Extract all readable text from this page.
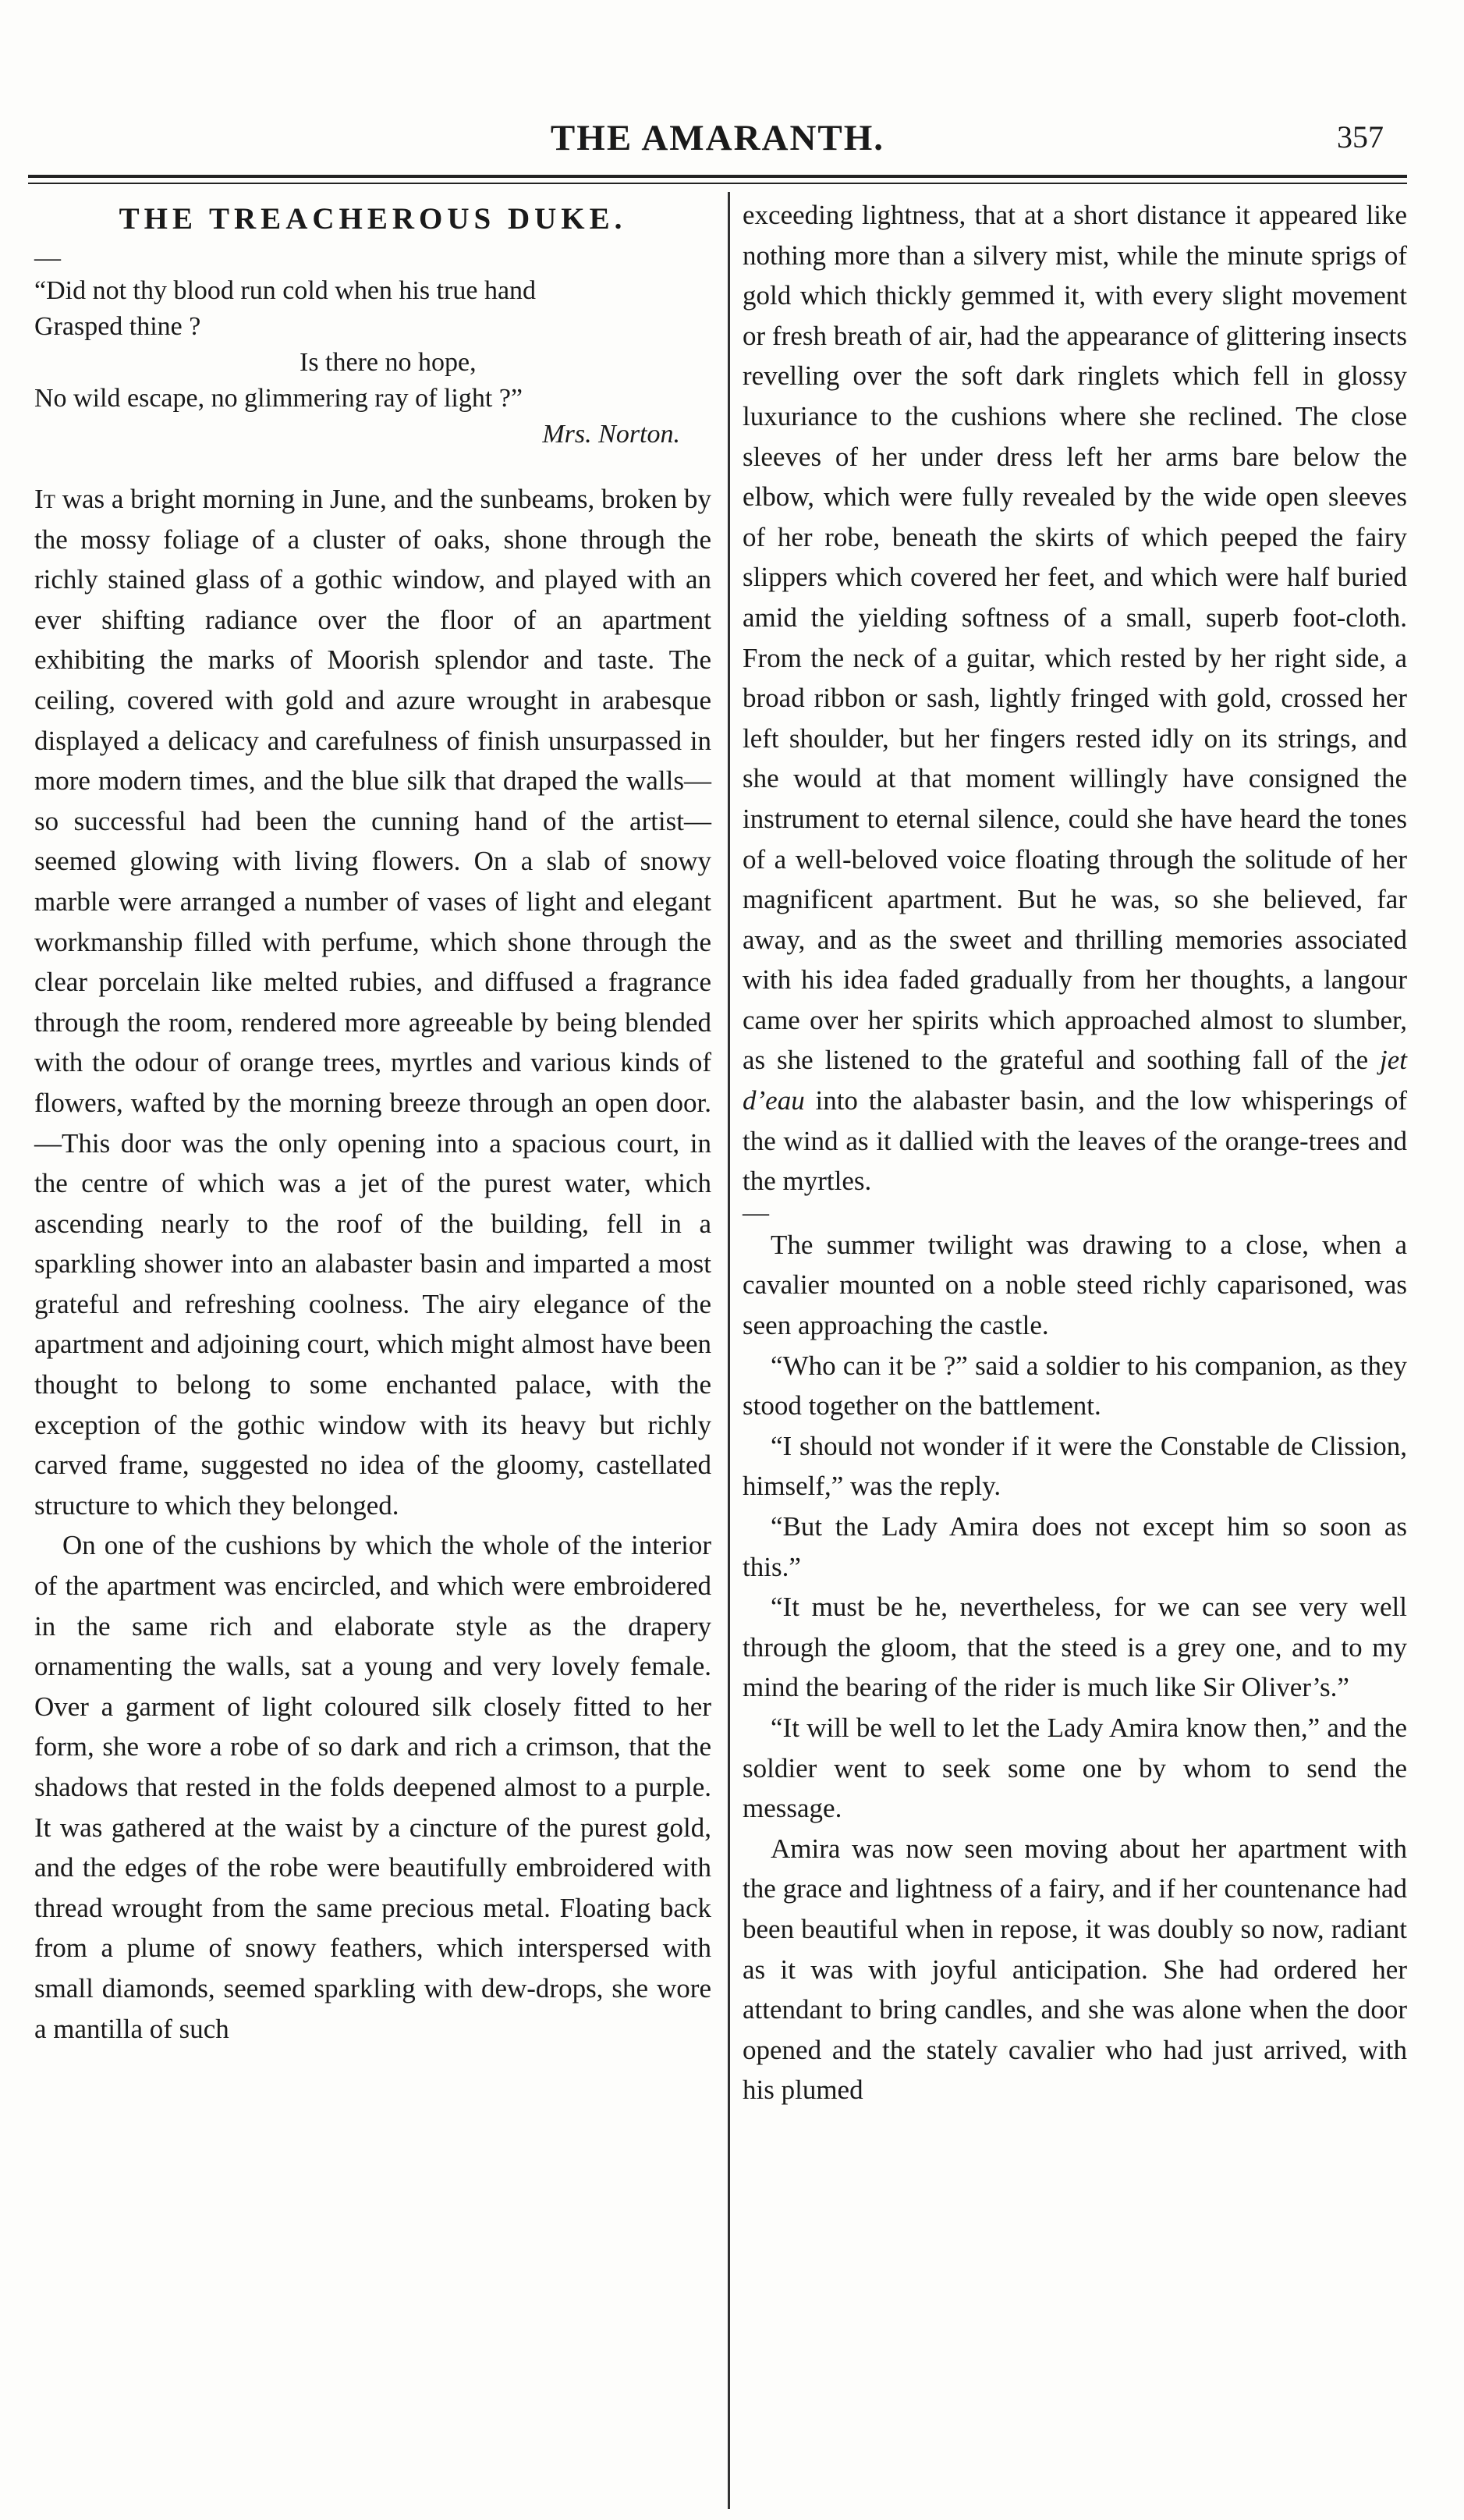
THE AMARANTH.	357
THE TREACHEROUS DUKE.

—

“Did not thy blood run cold when his true hand
Grasped thine ?
Is there no hope,
No wild escape, no glimmering ray of light ?”
Mrs. Norton.

It was a bright morning in June, and the sunbeams, broken by the mossy foliage of a cluster of oaks, shone through the richly stained glass of a gothic window, and played with an ever shifting radiance over the floor of an apartment exhibiting the marks of Moorish splendor and taste. The ceiling, covered with gold and azure wrought in arabesque displayed a delicacy and carefulness of finish unsurpassed in more modern times, and the blue silk that draped the walls—so successful had been the cunning hand of the artist—seemed glowing with living flowers. On a slab of snowy marble were arranged a number of vases of light and elegant workmanship filled with perfume, which shone through the clear porcelain like melted rubies, and diffused a fragrance through the room, rendered more agreeable by being blended with the odour of orange trees, myrtles and various kinds of flowers, wafted by the morning breeze through an open door.—This door was the only opening into a spacious court, in the centre of which was a jet of the purest water, which ascending nearly to the roof of the building, fell in a sparkling shower into an alabaster basin and imparted a most grateful and refreshing coolness. The airy elegance of the apartment and adjoining court, which might almost have been thought to belong to some enchanted palace, with the exception of the gothic window with its heavy but richly carved frame, suggested no idea of the gloomy, castellated structure to which they belonged.

On one of the cushions by which the whole of the interior of the apartment was encircled, and which were embroidered in the same rich and elaborate style as the drapery ornamenting the walls, sat a young and very lovely female. Over a garment of light coloured silk closely fitted to her form, she wore a robe of so dark and rich a crimson, that the shadows that rested in the folds deepened almost to a purple. It was gathered at the waist by a cincture of the purest gold, and the edges of the robe were beautifully embroidered with thread wrought from the same precious metal. Floating back from a plume of snowy feathers, which interspersed with small diamonds, seemed sparkling with dew-drops, she wore a mantilla of such

exceeding lightness, that at a short distance it appeared like nothing more than a silvery mist, while the minute sprigs of gold which thickly gemmed it, with every slight movement or fresh breath of air, had the appearance of glittering insects revelling over the soft dark ringlets which fell in glossy luxuriance to the cushions where she reclined. The close sleeves of her under dress left her arms bare below the elbow, which were fully revealed by the wide open sleeves of her robe, beneath the skirts of which peeped the fairy slippers which covered her feet, and which were half buried amid the yielding softness of a small, superb foot-cloth. From the neck of a guitar, which rested by her right side, a broad ribbon or sash, lightly fringed with gold, crossed her left shoulder, but her fingers rested idly on its strings, and she would at that moment willingly have consigned the instrument to eternal silence, could she have heard the tones of a well-beloved voice floating through the solitude of her magnificent apartment. But he was, so she believed, far away, and as the sweet and thrilling memories associated with his idea faded gradually from her thoughts, a langour came over her spirits which approached almost to slumber, as she listened to the grateful and soothing fall of the jet d’eau into the alabaster basin, and the low whisperings of the wind as it dallied with the leaves of the orange-trees and the myrtles.

—

The summer twilight was drawing to a close, when a cavalier mounted on a noble steed richly caparisoned, was seen approaching the castle.

“Who can it be ?” said a soldier to his companion, as they stood together on the battlement.

“I should not wonder if it were the Constable de Clission, himself,” was the reply.

“But the Lady Amira does not except him so soon as this.”

“It must be he, nevertheless, for we can see very well through the gloom, that the steed is a grey one, and to my mind the bearing of the rider is much like Sir Oliver’s.”

“It will be well to let the Lady Amira know then,” and the soldier went to seek some one by whom to send the message.

Amira was now seen moving about her apartment with the grace and lightness of a fairy, and if her countenance had been beautiful when in repose, it was doubly so now, radiant as it was with joyful anticipation. She had ordered her attendant to bring candles, and she was alone when the door opened and the stately cavalier who had just arrived, with his plumed
